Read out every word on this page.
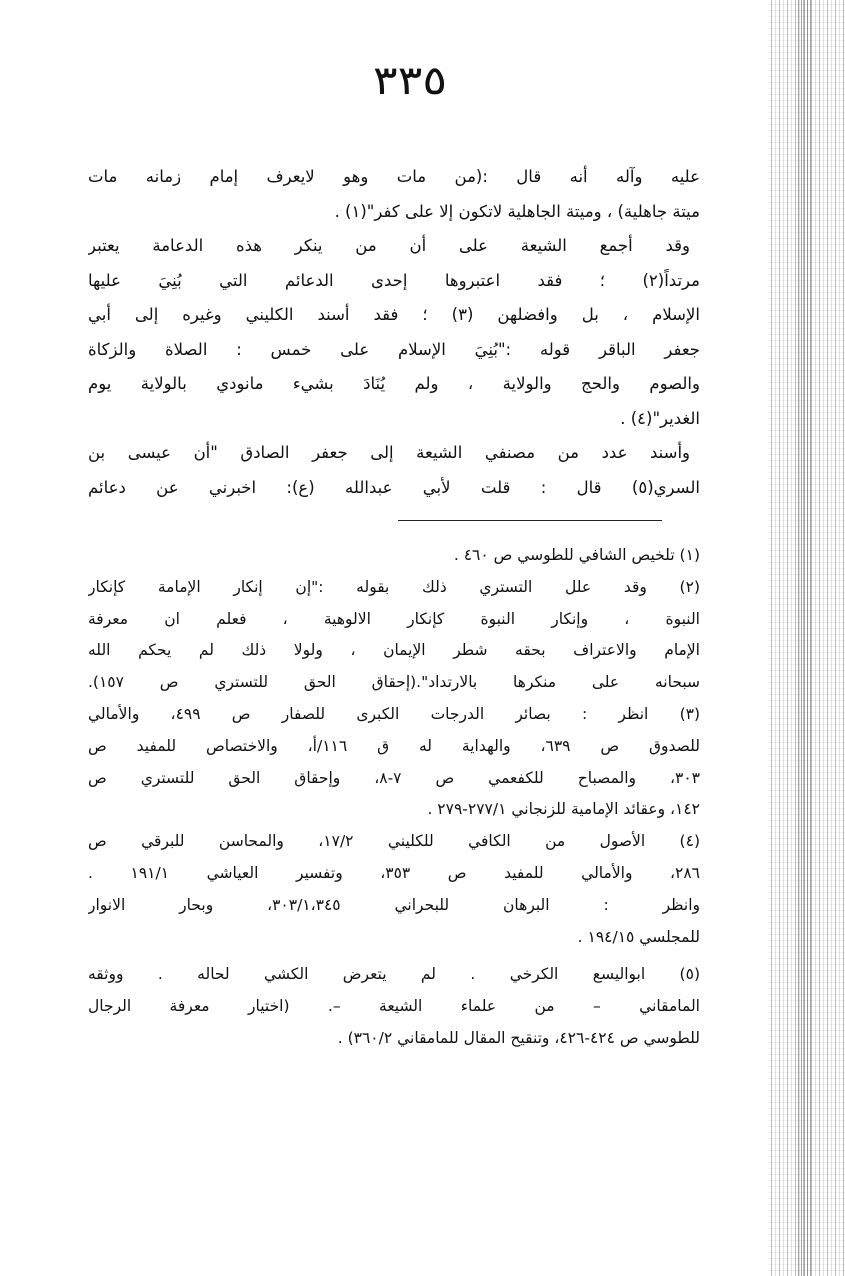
٣٣٥
عليه وآله أنه قال :(من مات وهو لايعرف إمام زمانه مات
ميتة جاهلية) ، وميتة الجاهلية لاتكون إلا على كفر"(١) .
وقد أجمع الشيعة على أن من ينكر هذه الدعامة يعتبر
مرتداً(٢) ؛ فقد اعتبروها إحدى الدعائم التي بُنِيَ عليها
الإسلام ، بل وافضلهن (٣) ؛ فقد أسند الكليني وغيره إلى أبي
جعفر الباقر قوله :"بُنِيَ الإسلام على خمس : الصلاة والزكاة
والصوم والحج والولاية ، ولم يُنَادَ بشيء مانودي بالولاية يوم
الغدير"(٤) .
وأسند عدد من مصنفي الشيعة إلى جعفر الصادق "أن عيسى بن
السري(٥) قال : قلت لأبي عبدالله (ع): اخبرني عن دعائم
(١) تلخيص الشافي للطوسي ص ٤٦٠ .
(٢) وقد علل التستري ذلك بقوله :"إن إنكار الإمامة كإنكار
النبوة ، وإنكار النبوة كإنكار الالوهية ، فعلم ان معرفة
الإمام والاعتراف بحقه شطر الإيمان ، ولولا ذلك لم يحكم الله
سبحانه على منكرها بالارتداد".(إحقاق الحق للتستري ص ١٥٧).
(٣) انظر : بصائر الدرجات الكبرى للصفار ص ٤٩٩، والأمالي
للصدوق ص ٦٣٩، والهداية له ق ١١٦/أ، والاختصاص للمفيد ص
٣٠٣، والمصباح للكفعمي ص ٧-٨، وإحقاق الحق للتستري ص
١٤٢، وعقائد الإمامية للزنجاني ٢٧٧/١-٢٧٩ .
(٤) الأصول من الكافي للكليني ١٧/٢، والمحاسن للبرقي ص
٢٨٦، والأمالي للمفيد ص ٣٥٣، وتفسير العياشي ١٩١/١ .
وانظر : البرهان للبحراني ٣٠٣/١،٣٤٥، وبحار الانوار
للمجلسي ١٩٤/١٥ .
(٥) ابواليسع الكرخي . لم يتعرض الكشي لحاله . ووثقه
المامقاني – من علماء الشيعة –. (اختيار معرفة الرجال
للطوسي ص ٤٢٤-٤٢٦، وتنقيح المقال للمامقاني ٣٦٠/٢) .
